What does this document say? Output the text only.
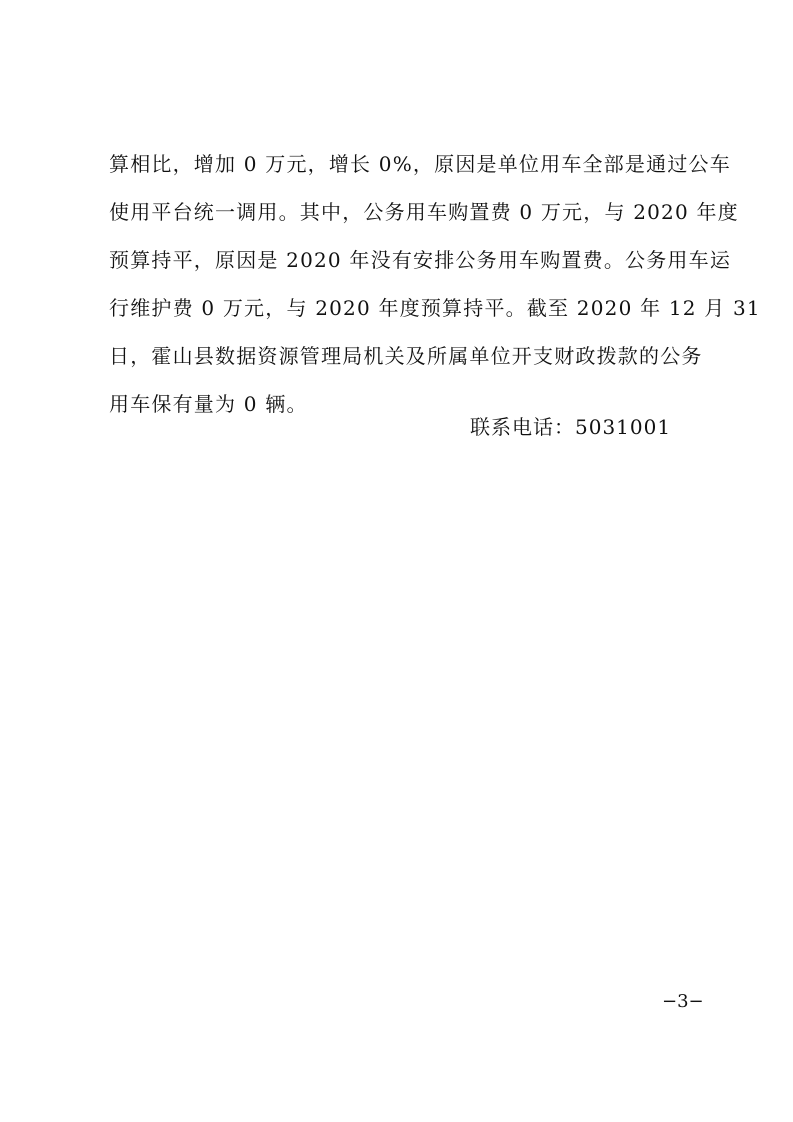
算相比，增加 0 万元，增长 0%，原因是单位用车全部是通过公车
使用平台统一调用。其中，公务用车购置费 0 万元，与 2020 年度
预算持平，原因是 2020 年没有安排公务用车购置费。公务用车运
行维护费 0 万元，与 2020 年度预算持平。截至 2020 年 12 月 31
日，霍山县数据资源管理局机关及所属单位开支财政拨款的公务
用车保有量为 0 辆。
联系电话：5031001
−3−
